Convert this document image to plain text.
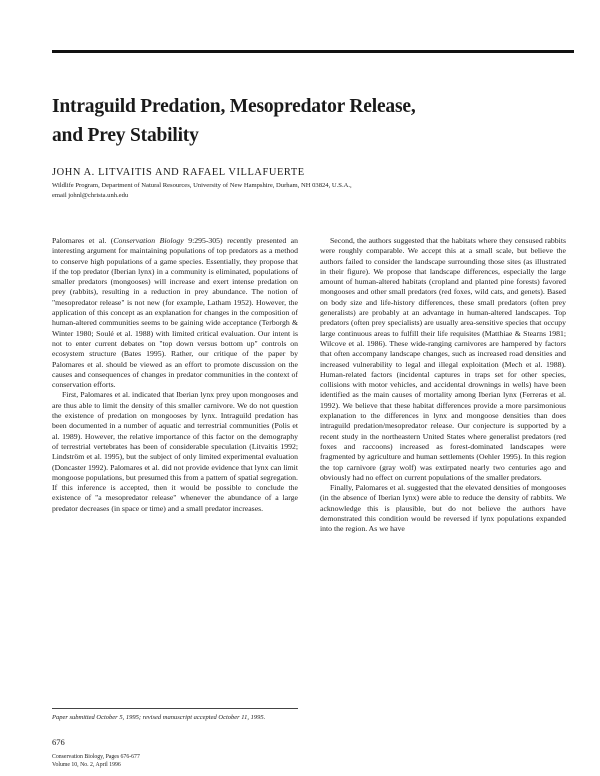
Intraguild Predation, Mesopredator Release,
and Prey Stability
JOHN A. LITVAITIS AND RAFAEL VILLAFUERTE
Wildlife Program, Department of Natural Resources, University of New Hampshire, Durham, NH 03824, U.S.A.,
email johnl@christa.unh.edu

Palomares et al. (Conservation Biology 9:295-305) recently presented an interesting argument for maintaining populations of top predators as a method to conserve high populations of a game species. Essentially, they propose that if the top predator (Iberian lynx) in a community is eliminated, populations of smaller predators (mongooses) will increase and exert intense predation on prey (rabbits), resulting in a reduction in prey abundance. The notion of "mesopredator release" is not new (for example, Latham 1952). However, the application of this concept as an explanation for changes in the composition of human-altered communities seems to be gaining wide acceptance (Terborgh & Winter 1980; Soulé et al. 1988) with limited critical evaluation. Our intent is not to enter current debates on "top down versus bottom up" controls on ecosystem structure (Bates 1995). Rather, our critique of the paper by Palomares et al. should be viewed as an effort to promote discussion on the causes and consequences of changes in predator communities in the context of conservation efforts.

First, Palomares et al. indicated that Iberian lynx prey upon mongooses and are thus able to limit the density of this smaller carnivore. We do not question the existence of predation on mongooses by lynx. Intraguild predation has been documented in a number of aquatic and terrestrial communities (Polis et al. 1989). However, the relative importance of this factor on the demography of terrestrial vertebrates has been of considerable speculation (Litvaitis 1992; Lindström et al. 1995), but the subject of only limited experimental evaluation (Doncaster 1992). Palomares et al. did not provide evidence that lynx can limit mongoose populations, but presumed this from a pattern of spatial segregation. If this inference is accepted, then it would be possible to conclude the existence of "a mesopredator release" whenever the abundance of a large predator decreases (in space or time) and a small predator increases.

Second, the authors suggested that the habitats where they censused rabbits were roughly comparable. We accept this at a small scale, but believe the authors failed to consider the landscape surrounding those sites (as illustrated in their figure). We propose that landscape differences, especially the large amount of human-altered habitats (cropland and planted pine forests) favored mongooses and other small predators (red foxes, wild cats, and genets). Based on body size and life-history differences, these small predators (often prey generalists) are probably at an advantage in human-altered landscapes. Top predators (often prey specialists) are usually area-sensitive species that occupy large continuous areas to fulfill their life requisites (Matthiae & Stearns 1981; Wilcove et al. 1986). These wide-ranging carnivores are hampered by factors that often accompany landscape changes, such as increased road densities and increased vulnerability to legal and illegal exploitation (Mech et al. 1988). Human-related factors (incidental captures in traps set for other species, collisions with motor vehicles, and accidental drownings in wells) have been identified as the main causes of mortality among Iberian lynx (Ferreras et al. 1992). We believe that these habitat differences provide a more parsimonious explanation to the differences in lynx and mongoose densities than does intraguild predation/mesopredator release. Our conjecture is supported by a recent study in the northeastern United States where generalist predators (red foxes and raccoons) increased as forest-dominated landscapes were fragmented by agriculture and human settlements (Oehler 1995). In this region the top carnivore (gray wolf) was extirpated nearly two centuries ago and obviously had no effect on current populations of the smaller predators.

Finally, Palomares et al. suggested that the elevated densities of mongooses (in the absence of Iberian lynx) were able to reduce the density of rabbits. We acknowledge this is plausible, but do not believe the authors have demonstrated this condition would be reversed if lynx populations expanded into the region. As we have

Paper submitted October 5, 1995; revised manuscript accepted October 11, 1995.
676
Conservation Biology, Pages 676-677
Volume 10, No. 2, April 1996
